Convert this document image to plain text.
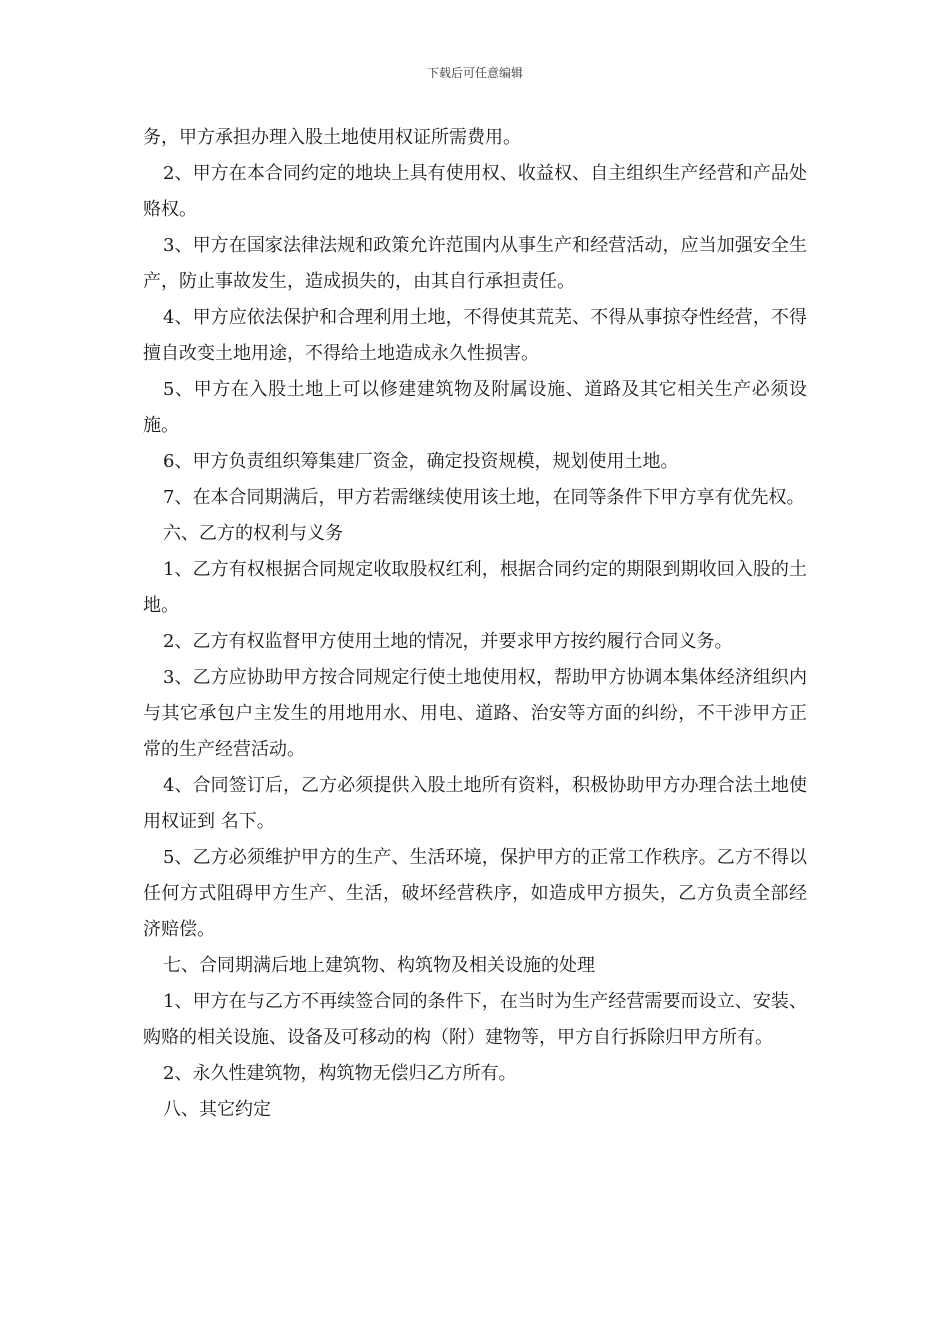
下载后可任意编辑

务，甲方承担办理入股土地使用权证所需费用。

2、甲方在本合同约定的地块上具有使用权、收益权、自主组织生产经营和产品处赂权。

3、甲方在国家法律法规和政策允许范围内从事生产和经营活动，应当加强安全生产，防止事故发生，造成损失的，由其自行承担责任。

4、甲方应依法保护和合理利用土地，不得使其荒芜、不得从事掠夺性经营，不得擅自改变土地用途，不得给土地造成永久性损害。

5、甲方在入股土地上可以修建建筑物及附属设施、道路及其它相关生产必须设施。

6、甲方负责组织筹集建厂资金，确定投资规模，规划使用土地。

7、在本合同期满后，甲方若需继续使用该土地，在同等条件下甲方享有优先权。

六、乙方的权利与义务

1、乙方有权根据合同规定收取股权红利，根据合同约定的期限到期收回入股的土地。

2、乙方有权监督甲方使用土地的情况，并要求甲方按约履行合同义务。

3、乙方应协助甲方按合同规定行使土地使用权，帮助甲方协调本集体经济组织内与其它承包户主发生的用地用水、用电、道路、治安等方面的纠纷，不干涉甲方正常的生产经营活动。

4、合同签订后，乙方必须提供入股土地所有资料，积极协助甲方办理合法土地使用权证到 名下。

5、乙方必须维护甲方的生产、生活环境，保护甲方的正常工作秩序。乙方不得以任何方式阻碍甲方生产、生活，破坏经营秩序，如造成甲方损失，乙方负责全部经济赔偿。

七、合同期满后地上建筑物、构筑物及相关设施的处理

1、甲方在与乙方不再续签合同的条件下，在当时为生产经营需要而设立、安装、购赂的相关设施、设备及可移动的构（附）建物等，甲方自行拆除归甲方所有。

2、永久性建筑物，构筑物无偿归乙方所有。

八、其它约定
